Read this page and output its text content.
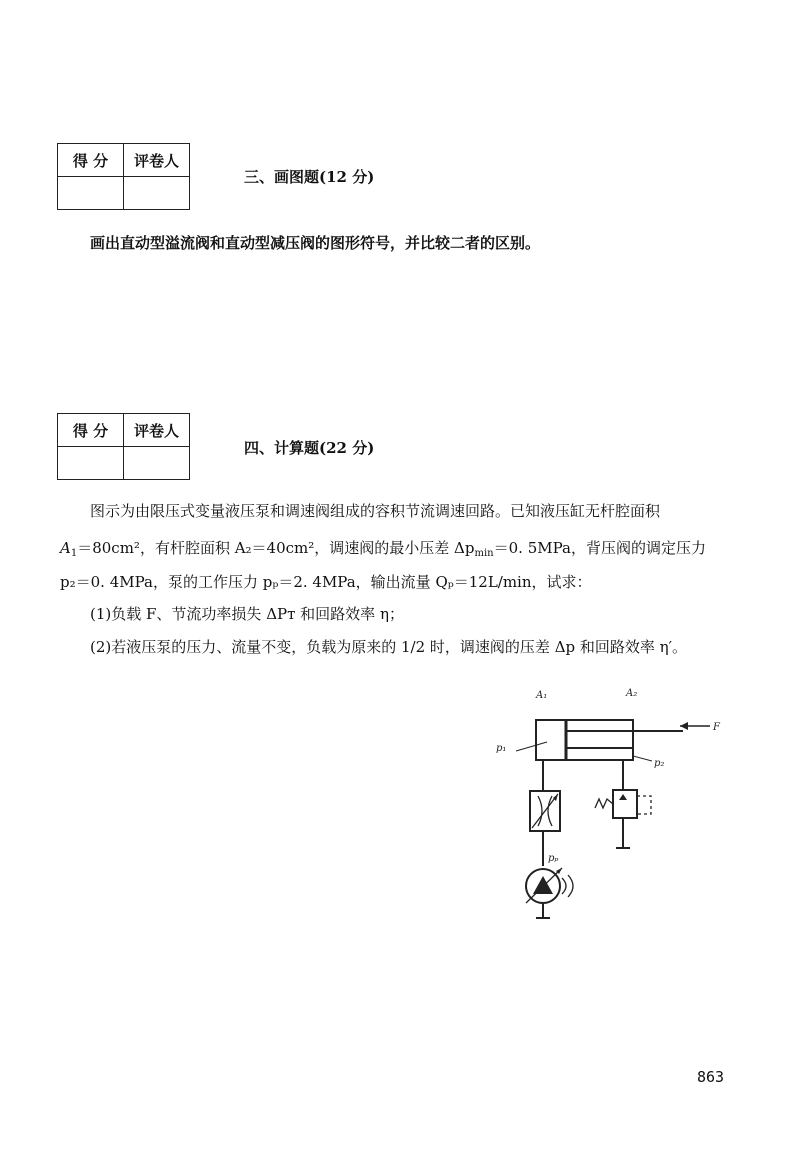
得 分	评卷人

三、画图题(12 分)
画出直动型溢流阀和直动型减压阀的图形符号，并比较二者的区别。
得 分	评卷人

四、计算题(22 分)
图示为由限压式变量液压泵和调速阀组成的容积节流调速回路。已知液压缸无杆腔面积
$A_1=80cm^2$，有杆腔面积 A₂＝40cm²，调速阀的最小压差 $\Delta p_{min}=0$. 5MPa，背压阀的调定压力
p₂＝0. 4MPa，泵的工作压力 pₚ＝2. 4MPa，输出流量 Qₚ＝12L/min，试求：
(1)负载 F、节流功率损失 ΔPᴛ 和回路效率 η；
(2)若液压泵的压力、流量不变，负载为原来的 1/2 时，调速阀的压差 Δp 和回路效率 η′。
A₁	A₂
F
p₁
p₂
pₚ
863
